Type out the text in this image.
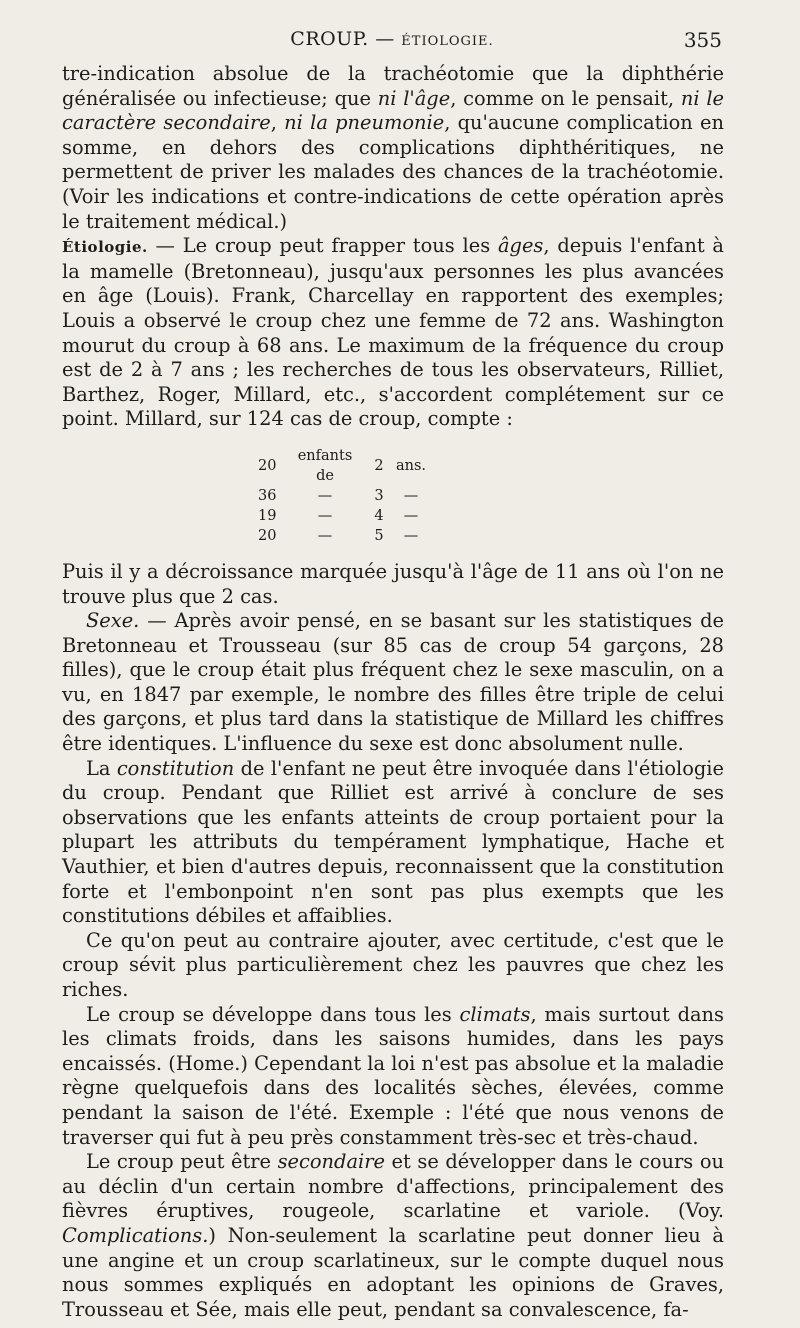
CROUP. — ÉTIOLOGIE.	355

tre-indication absolue de la trachéotomie que la diphthérie généralisée ou infectieuse; que ni l'âge, comme on le pensait, ni le caractère secondaire, ni la pneumonie, qu'aucune complication en somme, en dehors des complications diphthéritiques, ne permettent de priver les malades des chances de la trachéotomie. (Voir les indications et contre-indications de cette opération après le traitement médical.)

Étiologie. — Le croup peut frapper tous les âges, depuis l'enfant à la mamelle (Bretonneau), jusqu'aux personnes les plus avancées en âge (Louis). Frank, Charcellay en rapportent des exemples; Louis a observé le croup chez une femme de 72 ans. Washington mourut du croup à 68 ans. Le maximum de la fréquence du croup est de 2 à 7 ans ; les recherches de tous les observateurs, Rilliet, Barthez, Roger, Millard, etc., s'accordent complétement sur ce point. Millard, sur 124 cas de croup, compte :

20	enfants de	2	ans.
36	—	3	—
19	—	4	—
20	—	5	—

Puis il y a décroissance marquée jusqu'à l'âge de 11 ans où l'on ne trouve plus que 2 cas.

Sexe. — Après avoir pensé, en se basant sur les statistiques de Bretonneau et Trousseau (sur 85 cas de croup 54 garçons, 28 filles), que le croup était plus fréquent chez le sexe masculin, on a vu, en 1847 par exemple, le nombre des filles être triple de celui des garçons, et plus tard dans la statistique de Millard les chiffres être identiques. L'influence du sexe est donc absolument nulle.

La constitution de l'enfant ne peut être invoquée dans l'étiologie du croup. Pendant que Rilliet est arrivé à conclure de ses observations que les enfants atteints de croup portaient pour la plupart les attributs du tempérament lymphatique, Hache et Vauthier, et bien d'autres depuis, reconnaissent que la constitution forte et l'embonpoint n'en sont pas plus exempts que les constitutions débiles et affaiblies.

Ce qu'on peut au contraire ajouter, avec certitude, c'est que le croup sévit plus particulièrement chez les pauvres que chez les riches.

Le croup se développe dans tous les climats, mais surtout dans les climats froids, dans les saisons humides, dans les pays encaissés. (Home.) Cependant la loi n'est pas absolue et la maladie règne quelquefois dans des localités sèches, élevées, comme pendant la saison de l'été. Exemple : l'été que nous venons de traverser qui fut à peu près constamment très-sec et très-chaud.

Le croup peut être secondaire et se développer dans le cours ou au déclin d'un certain nombre d'affections, principalement des fièvres éruptives, rougeole, scarlatine et variole. (Voy. Complications.) Non-seulement la scarlatine peut donner lieu à une angine et un croup scarlatineux, sur le compte duquel nous nous sommes expliqués en adoptant les opinions de Graves, Trousseau et Sée, mais elle peut, pendant sa convalescence, fa-
